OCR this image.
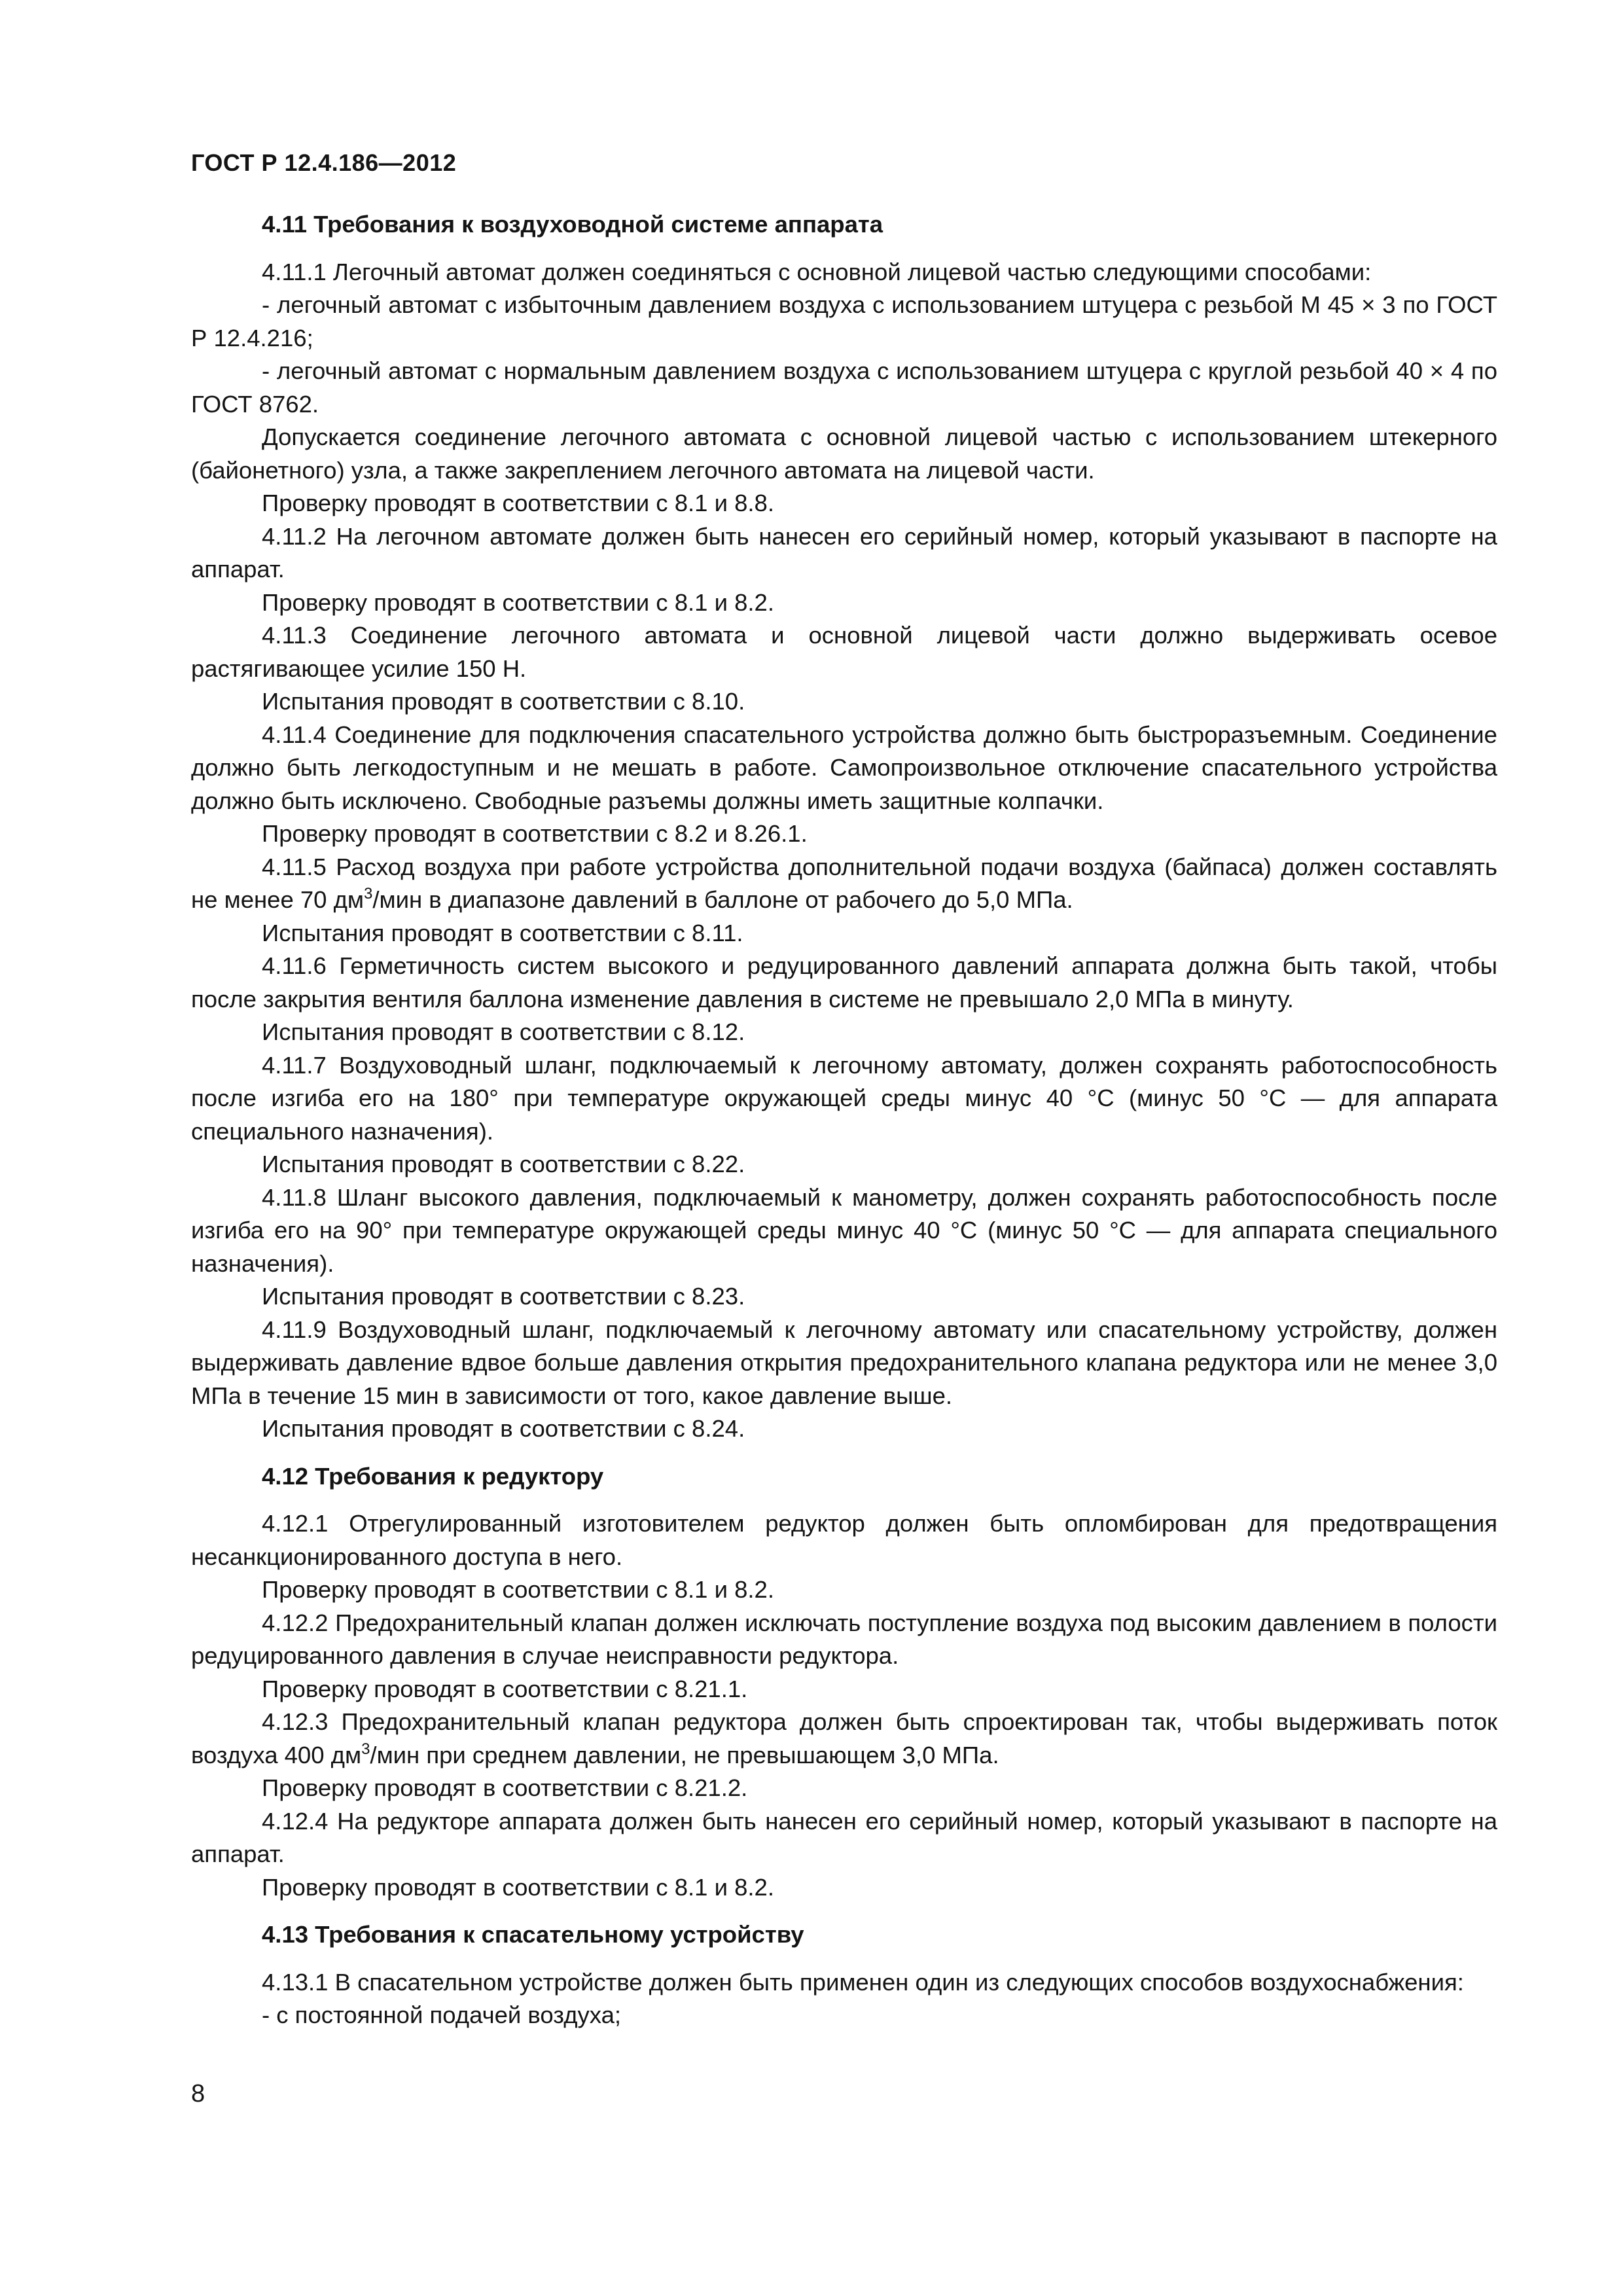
ГОСТ Р 12.4.186—2012
4.11 Требования к воздуховодной системе аппарата

4.11.1 Легочный автомат должен соединяться с основной лицевой частью следующими способами:

- легочный автомат с избыточным давлением воздуха с использованием штуцера с резьбой М 45 × 3 по ГОСТ Р 12.4.216;

- легочный автомат с нормальным давлением воздуха с использованием штуцера с круглой резьбой 40 × 4 по ГОСТ 8762.

Допускается соединение легочного автомата с основной лицевой частью с использованием штекерного (байонетного) узла, а также закреплением легочного автомата на лицевой части.

Проверку проводят в соответствии с 8.1 и 8.8.

4.11.2 На легочном автомате должен быть нанесен его серийный номер, который указывают в паспорте на аппарат.

Проверку проводят в соответствии с 8.1 и 8.2.

4.11.3 Соединение легочного автомата и основной лицевой части должно выдерживать осевое растягивающее усилие 150 Н.

Испытания проводят в соответствии с 8.10.

4.11.4 Соединение для подключения спасательного устройства должно быть быстроразъемным. Соединение должно быть легкодоступным и не мешать в работе. Самопроизвольное отключение спасательного устройства должно быть исключено. Свободные разъемы должны иметь защитные колпачки.

Проверку проводят в соответствии с 8.2 и 8.26.1.

4.11.5 Расход воздуха при работе устройства дополнительной подачи воздуха (байпаса) должен составлять не менее 70 $дм^3$/мин в диапазоне давлений в баллоне от рабочего до 5,0 МПа.

Испытания проводят в соответствии с 8.11.

4.11.6 Герметичность систем высокого и редуцированного давлений аппарата должна быть такой, чтобы после закрытия вентиля баллона изменение давления в системе не превышало 2,0 МПа в минуту.

Испытания проводят в соответствии с 8.12.

4.11.7 Воздуховодный шланг, подключаемый к легочному автомату, должен сохранять работоспособность после изгиба его на 180° при температуре окружающей среды минус 40 °С (минус 50 °С — для аппарата специального назначения).

Испытания проводят в соответствии с 8.22.

4.11.8 Шланг высокого давления, подключаемый к манометру, должен сохранять работоспособность после изгиба его на 90° при температуре окружающей среды минус 40 °С (минус 50 °С — для аппарата специального назначения).

Испытания проводят в соответствии с 8.23.

4.11.9 Воздуховодный шланг, подключаемый к легочному автомату или спасательному устройству, должен выдерживать давление вдвое больше давления открытия предохранительного клапана редуктора или не менее 3,0 МПа в течение 15 мин в зависимости от того, какое давление выше.

Испытания проводят в соответствии с 8.24.

4.12 Требования к редуктору

4.12.1 Отрегулированный изготовителем редуктор должен быть опломбирован для предотвращения несанкционированного доступа в него.

Проверку проводят в соответствии с 8.1 и 8.2.

4.12.2 Предохранительный клапан должен исключать поступление воздуха под высоким давлением в полости редуцированного давления в случае неисправности редуктора.

Проверку проводят в соответствии с 8.21.1.

4.12.3 Предохранительный клапан редуктора должен быть спроектирован так, чтобы выдерживать поток воздуха 400 $дм^3$/мин при среднем давлении, не превышающем 3,0 МПа.

Проверку проводят в соответствии с 8.21.2.

4.12.4 На редукторе аппарата должен быть нанесен его серийный номер, который указывают в паспорте на аппарат.

Проверку проводят в соответствии с 8.1 и 8.2.

4.13 Требования к спасательному устройству

4.13.1 В спасательном устройстве должен быть применен один из следующих способов воздухоснабжения:

- с постоянной подачей воздуха;

8
